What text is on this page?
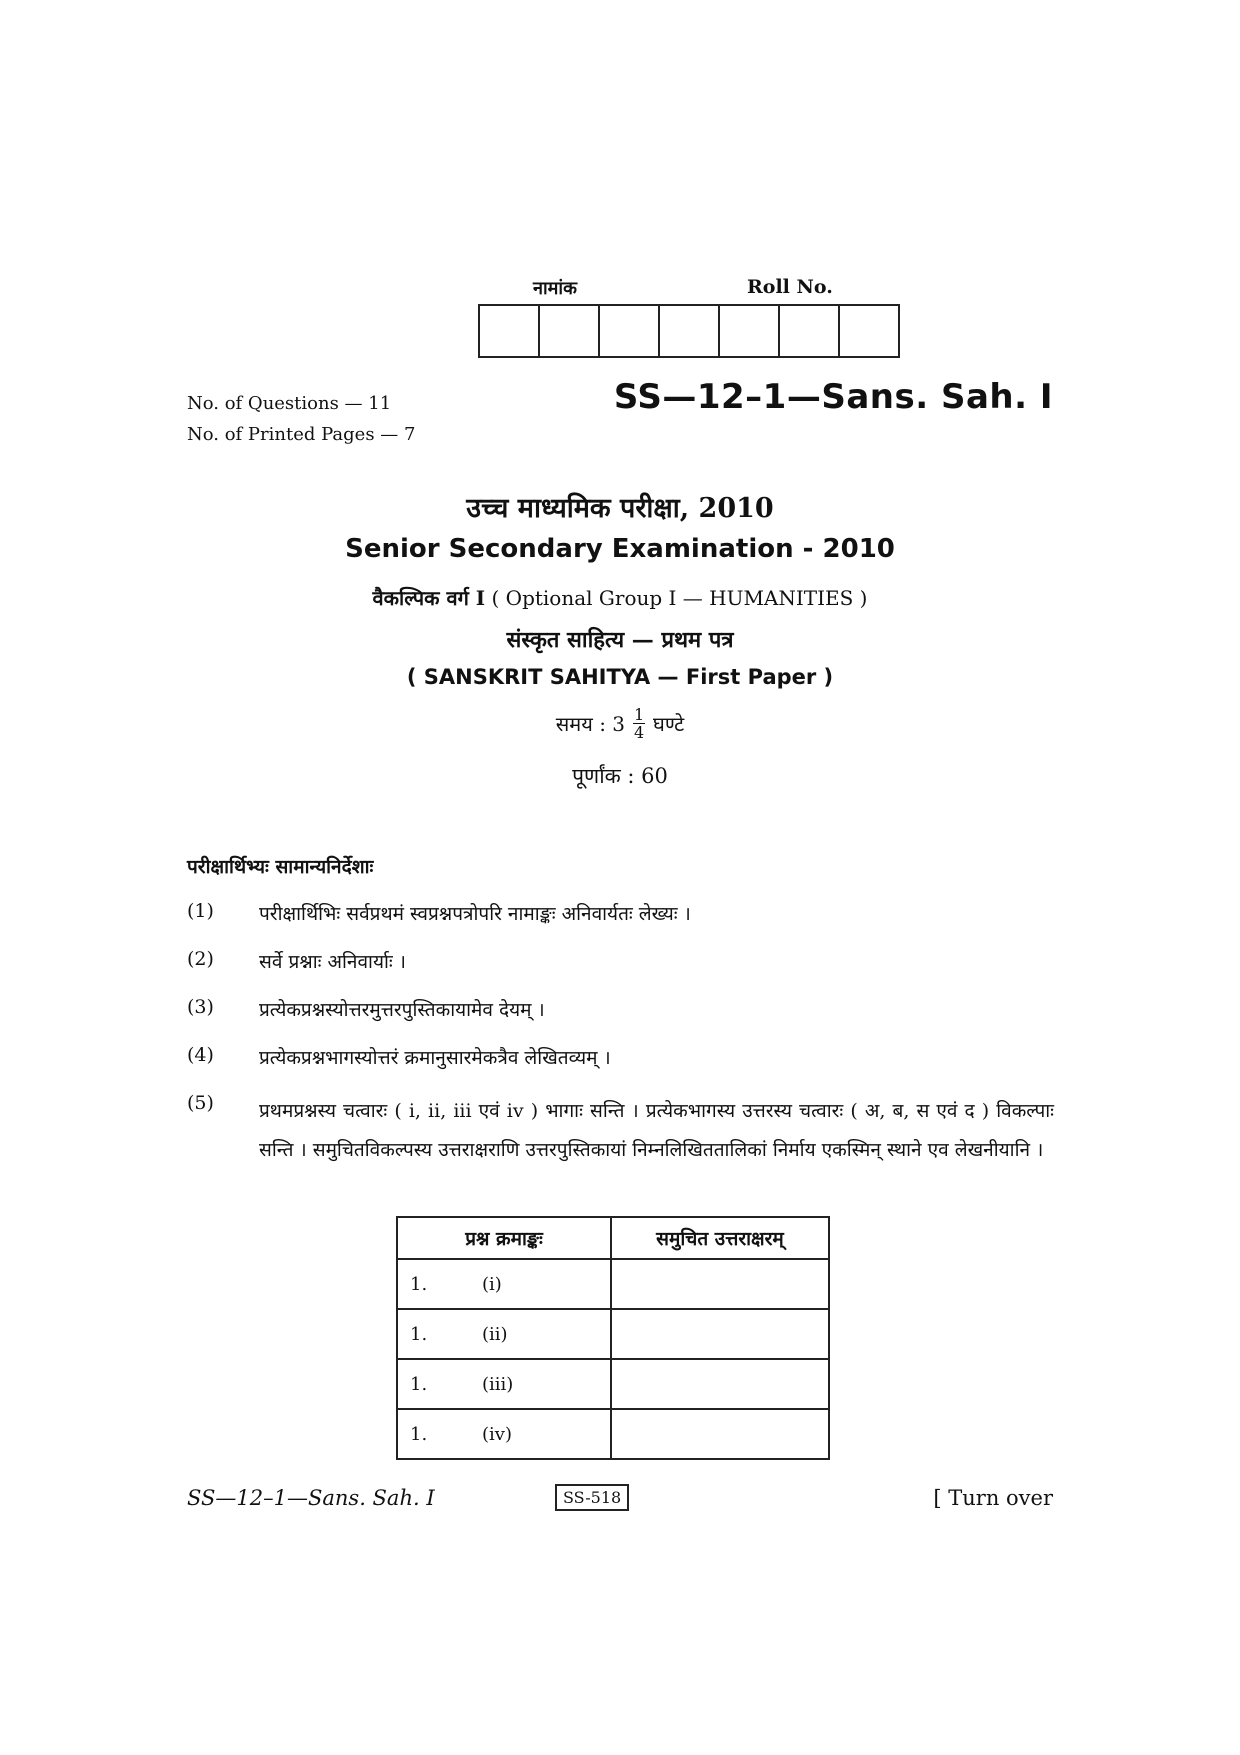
नामांक	Roll No.
No. of Questions — 11
No. of Printed Pages — 7
SS—12–1—Sans. Sah. I
उच्च माध्यमिक परीक्षा, 2010
Senior Secondary Examination - 2010
वैकल्पिक वर्ग I ( Optional Group I — HUMANITIES )
संस्कृत साहित्य — प्रथम पत्र
( SANSKRIT SAHITYA — First Paper )
समय : $3 \frac{1}{4}$ घण्टे
पूर्णांक : 60
परीक्षार्थिभ्यः सामान्यनिर्देशाः
(1) परीक्षार्थिभिः सर्वप्रथमं स्वप्रश्नपत्रोपरि नामाङ्कः अनिवार्यतः लेख्यः ।
(2) सर्वे प्रश्नाः अनिवार्याः ।
(3) प्रत्येकप्रश्नस्योत्तरमुत्तरपुस्तिकायामेव देयम् ।
(4) प्रत्येकप्रश्नभागस्योत्तरं क्रमानुसारमेकत्रैव लेखितव्यम् ।
(5) प्रथमप्रश्नस्य चत्वारः ( i, ii, iii एवं iv ) भागाः सन्ति । प्रत्येकभागस्य उत्तरस्य चत्वारः ( अ, ब, स एवं द ) विकल्पाः सन्ति । समुचितविकल्पस्य उत्तराक्षराणि उत्तरपुस्तिकायां निम्नलिखिततालिकां निर्माय एकस्मिन् स्थाने एव लेखनीयानि ।
प्रश्न क्रमाङ्कः	समुचित उत्तराक्षरम्

1. (i)	

1. (ii)	

1. (iii)	

1. (iv)	

SS—12–1—Sans. Sah. I	SS-518	[ Turn over
